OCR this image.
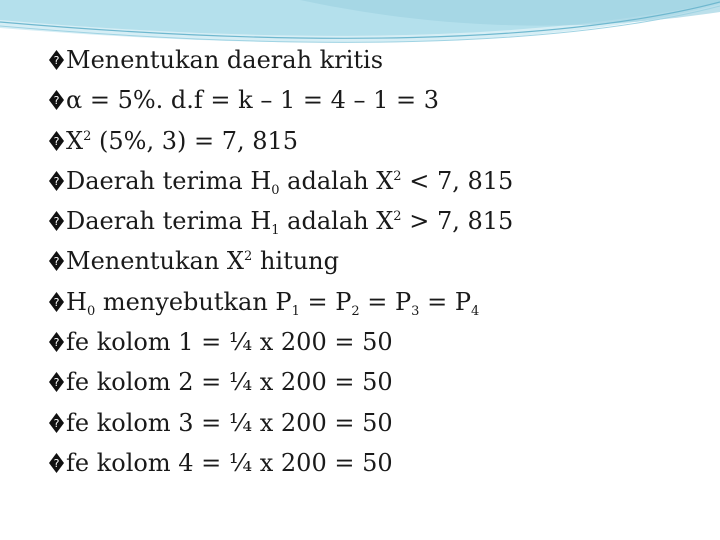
? Menentukan daerah kritis
? α = 5%. d.f = k – 1 = 4 – 1 = 3
? $X^2$ (5%, 3) = 7, 815
? Daerah terima $H_0$ adalah $X^2 < 7$, 815
? Daerah terima $H_1$ adalah $X^2 > 7$, 815
? Menentukan $X^2$ hitung
? $H_0$ menyebutkan $P_1 = P_2 = P_3 = P_4$
? fe kolom 1 = ¼ x 200 = 50
? fe kolom 2 = ¼ x 200 = 50
? fe kolom 3 = ¼ x 200 = 50
? fe kolom 4 = ¼ x 200 = 50
